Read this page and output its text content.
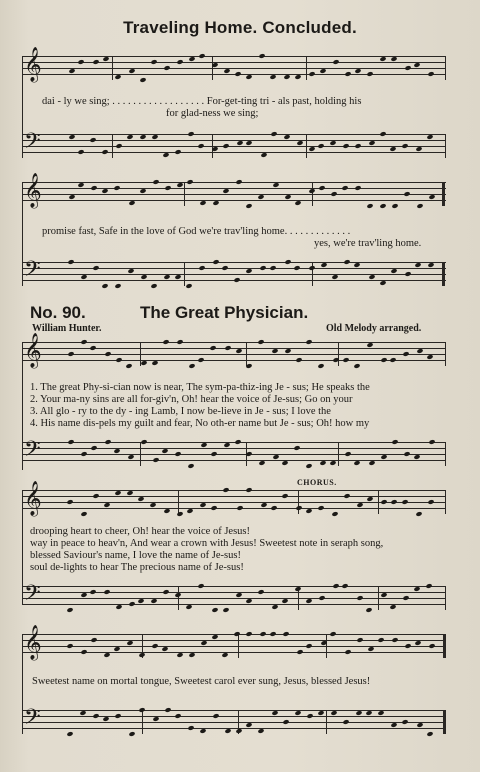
Traveling Home. Concluded.
𝄞
dai - ly we sing; . . . . . . . . . . . . . . . . . . For-get-ting tri - als past, holding his
for glad-ness we sing;
𝄢
𝄞
promise fast, Safe in the love of God we're trav'ling home. . . . . . . . . . . . .
yes, we're trav'ling home.
𝄢
No. 90.	The Great Physician.
William Hunter.	Old Melody arranged.
𝄞
1. The great Phy-si-cian now is near, The sym-pa-thiz-ing Je - sus; He speaks the
2. Your ma-ny sins are all for-giv'n, Oh! hear the voice of Je-sus; Go on your
3. All glo - ry to the dy - ing Lamb, I now be-lieve in Je - sus; I love the
4. His name dis-pels my guilt and fear, No oth-er name but Je - sus; Oh! how my
𝄢
CHORUS.
𝄞
drooping heart to cheer, Oh! hear the voice of Jesus!
way in peace to heav'n, And wear a crown with Jesus! Sweetest note in seraph song,
blessed Saviour's name, I love the name of Je-sus!
soul de-lights to hear The precious name of Je-sus!
𝄢
𝄞
Sweetest name on mortal tongue, Sweetest carol ever sung, Jesus, blessed Jesus!
𝄢
